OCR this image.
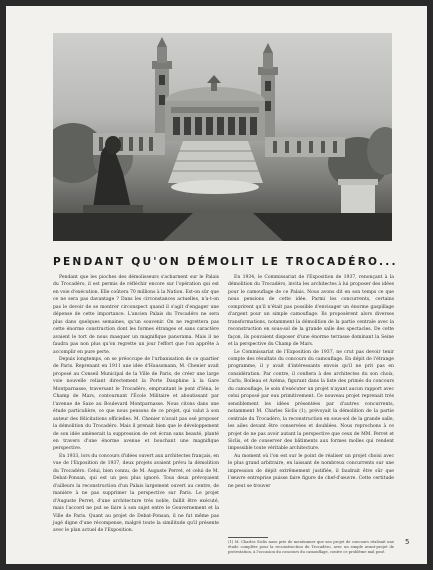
PENDANT QU'ON DÉMOLIT LE TROCADÉRO...

Pendant que les pioches des démolisseurs s'acharnent sur le Palais du Trocadéro, il est permis de réfléchir encore sur l'opération qui est en voie d'exécution. Elle coûtera 70 millions à la Nation. Est-on sûr que ce ne sera pas davantage ? Dans les circonstances actuelles, n'a-t-on pas le devoir de se montrer circonspect quand il s'agit d'engager une dépense de cette importance. L'ancien Palais du Trocadéro ne sera plus dans quelques semaines, qu'un souvenir. On ne regrettera pas cette énorme construction dont les formes étranges et sans caractère avaient le tort de nous masquer un magnifique panorama. Mais il ne faudra pas non plus qu'on regrette un jour l'effort que l'on apprête à accomplir en pure perte.

Depuis longtemps, on se préoccupe de l'urbanisation de ce quartier de Paris. Reprenant en 1911 une idée d'Haussmann, M. Chenier avait proposé au Conseil Municipal de la Ville de Paris, de créer une large voie nouvelle reliant directement la Porte Dauphine à la Gare Montparnasse, traversant le Trocadéro, empruntant le pont d'Iéna, le Champ de Mars, contournant l'École Militaire et aboutissant par l'avenue de Saxe au Boulevard Montparnasse. Nous citons dans une étude particulière, ce que nous pensons de ce projet, qui valut à son auteur des félicitations officielles. M. Chenier n'avait pas osé proposer la démolition du Trocadéro. Mais il prenait bien que le développement de son idée amènerait la suppression de cet écran sans beauté, planté en travers d'une énorme avenue et bouchant une magnifique perspective.

En 1933, lors du concours d'idées ouvert aux architectes français, en vue de l'Exposition de 1937, deux projets avaient prévu la démolition du Trocadéro. Celui, bien connu, de M. Auguste Perret, et celui de M. Debat-Ponsan, qui est un peu plus ignoré. Tous deux prévoyaient d'ailleurs la reconstruction d'un Palais largement ouvert au centre, de manière à ne pas supprimer la perspective sur Paris. Le projet d'Auguste Perret, d'une architecture très noble, faillit être exécuté, mais l'accord ne put se faire à son sujet entre le Gouvernement et la Ville de Paris. Quant au projet de Debat-Ponsan, il ne fut même pas jugé digne d'une récompense, malgré toute la similitude qu'il présente avec le plan actuel de l'Exposition.

En 1934, le Commissariat de l'Exposition de 1937, renonçant à la démolition du Trocadéro, invita les architectes à lui proposer des idées pour le camouflage de ce Palais. Nous avons dit en son temps ce que nous pensions de cette idée. Parmi les concurrents, certains comprirent qu'il n'était pas possible d'envisager un énorme gaspillage d'argent pour un simple camouflage. Ils proposèrent alors diverses transformations, notamment la démolition de la partie centrale avec la reconstruction en sous-sol de la grande salle des spectacles. De cette façon, ils pouvaient disposer d'une énorme terrasse dominant la Seine et la perspective du Champ de Mars.

Le Commissariat de l'Exposition de 1937, ne crut pas devoir tenir compte des résultats du concours du camouflage. En dépit de l'étrange programme, il y avait d'intéressants envois qu'il ne prit pas en considération. Par contre, il confiera à des architectes du son choix, Carlu, Boileau et Azéma, figurant dans la liste des primés du concours du camouflage, le soin d'exécuter un projet n'ayant aucun rapport avec celui proposé par eux primitivement. Ce nouveau projet reprenait très sensiblement les idées présentées par d'autres concurrents, notamment M. Charles Siclis (1), prévoyait la démolition de la partie centrale du Trocadéro, la reconstruction en sous-sol de la grande salle, les ailes devant être conservées et doublées. Nous reprochons à ce projet de ne pas avoir autant la perspective que ceux de MM. Perret et Siclis, et de conserver des bâtiments aux formes molles qui rendent impossible toute véritable architecture.

Au moment où l'on est sur le point de réaliser un projet choisi avec le plus grand arbitraire, en laissant de nombreux concurrents sur une impression de dépit extrêmement justifiée, il faudrait être sûr que l'œuvre entreprise puisse faire figure de chef-d'œuvre. Cette certitude ne peut se trouver

(1) M. Charles Siclis nous prie de mentionner que son projet de concours réalisait une étude complète pour la reconstruction du Trocadéro, avec un simple avant-projet de protestation, à l'occasion du concours du camouflage, contre ce problème mal posé.
5
